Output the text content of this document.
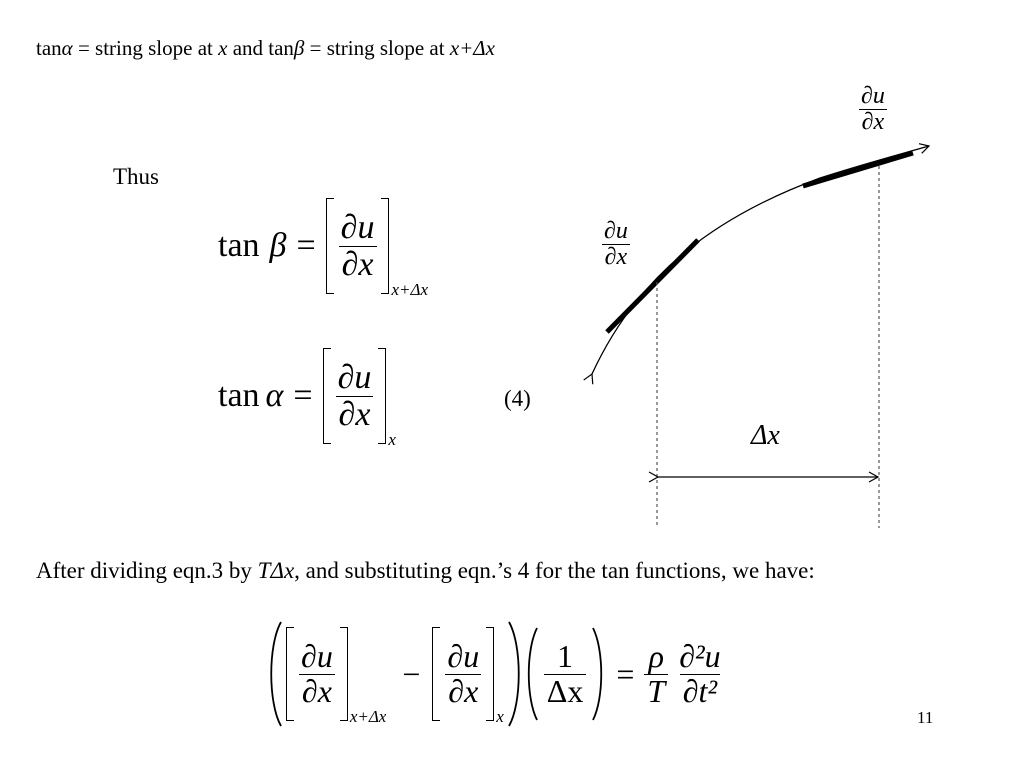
tanα = string slope at x and tanβ = string slope at x+Δx
Thus
$\tan \beta = \frac{\partial u}{\partial x}$
x+Δx
$\tan \alpha = \frac{\partial u}{\partial x}$
x
(4)
$\frac{\partial u}{\partial x}$
$\frac{\partial u}{\partial x}$
Δx
After dividing eqn.3 by TΔx, and substituting eqn.’s 4 for the tan functions, we have:
$\frac{\partial u}{\partial x}$
x+Δx
− $\frac{\partial u}{\partial x}$
x
$\frac{1}{\Delta x} = \frac{\rho}{T} \frac{\text{∂²u}}{\text{∂t²}}$
11
